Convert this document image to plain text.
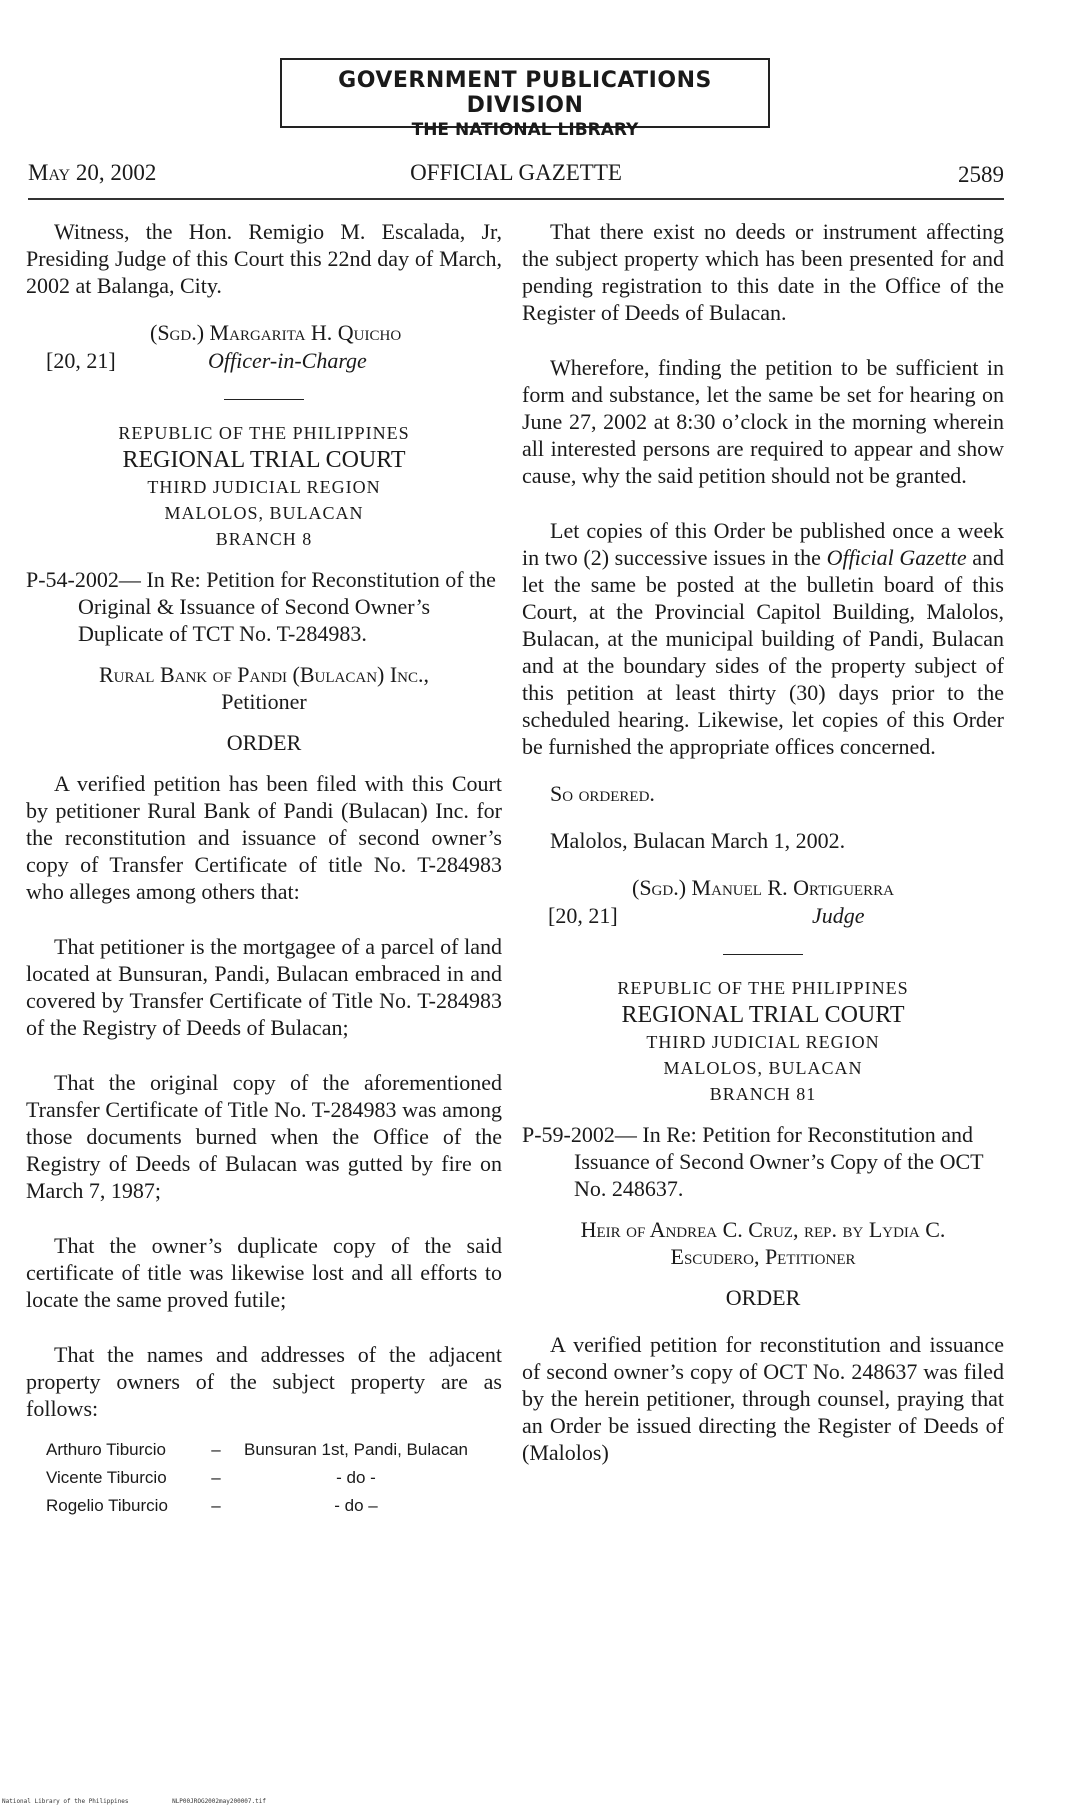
GOVERNMENT PUBLICATIONS DIVISION
THE NATIONAL LIBRARY
May 20, 2002	OFFICIAL GAZETTE	2589

Witness, the Hon. Remigio M. Escalada, Jr, Presiding Judge of this Court this 22nd day of March, 2002 at Balanga, City.

(Sgd.) Margarita H. Quicho
[20, 21]	Officer-in-Charge
REPUBLIC OF THE PHILIPPINES
REGIONAL TRIAL COURT
THIRD JUDICIAL REGION
MALOLOS, BULACAN
BRANCH 8

P-54-2002— In Re: Petition for Reconstitution of the Original & Issuance of Second Owner’s Duplicate of TCT No. T-284983.

Rural Bank of Pandi (Bulacan) Inc.,
Petitioner
ORDER

A verified petition has been filed with this Court by petitioner Rural Bank of Pandi (Bulacan) Inc. for the reconstitution and issuance of second owner’s copy of Transfer Certificate of title No. T-284983 who alleges among others that:

That petitioner is the mortgagee of a parcel of land located at Bunsuran, Pandi, Bulacan embraced in and covered by Transfer Certificate of Title No. T-284983 of the Registry of Deeds of Bulacan;

That the original copy of the aforementioned Transfer Certificate of Title No. T-284983 was among those documents burned when the Office of the Registry of Deeds of Bulacan was gutted by fire on March 7, 1987;

That the owner’s duplicate copy of the said certificate of title was likewise lost and all efforts to locate the same proved futile;

That the names and addresses of the adjacent property owners of the subject property are as follows:

Arthuro Tiburcio	–	Bunsuran 1st, Pandi, Bulacan
Vicente Tiburcio	–	- do -
Rogelio Tiburcio	–	- do –

That there exist no deeds or instrument affecting the subject property which has been presented for and pending registration to this date in the Office of the Register of Deeds of Bulacan.

Wherefore, finding the petition to be sufficient in form and substance, let the same be set for hearing on June 27, 2002 at 8:30 o’clock in the morning wherein all interested persons are required to appear and show cause, why the said petition should not be granted.

Let copies of this Order be published once a week in two (2) successive issues in the Official Gazette and let the same be posted at the bulletin board of this Court, at the Provincial Capitol Building, Malolos, Bulacan, at the municipal building of Pandi, Bulacan and at the boundary sides of the property subject of this petition at least thirty (30) days prior to the scheduled hearing. Likewise, let copies of this Order be furnished the appropriate offices concerned.

So ordered.

Malolos, Bulacan March 1, 2002.

(Sgd.) Manuel R. Ortiguerra
[20, 21]	Judge
REPUBLIC OF THE PHILIPPINES
REGIONAL TRIAL COURT
THIRD JUDICIAL REGION
MALOLOS, BULACAN
BRANCH 81

P-59-2002— In Re: Petition for Reconstitution and Issuance of Second Owner’s Copy of the OCT No. 248637.

Heir of Andrea C. Cruz, rep. by Lydia C.
Escudero, Petitioner
ORDER

A verified petition for reconstitution and issuance of second owner’s copy of OCT No. 248637 was filed by the herein petitioner, through counsel, praying that an Order be issued directing the Register of Deeds of (Malolos)

National Library of the Philippines	NLP00JROG2002may200007.tif
